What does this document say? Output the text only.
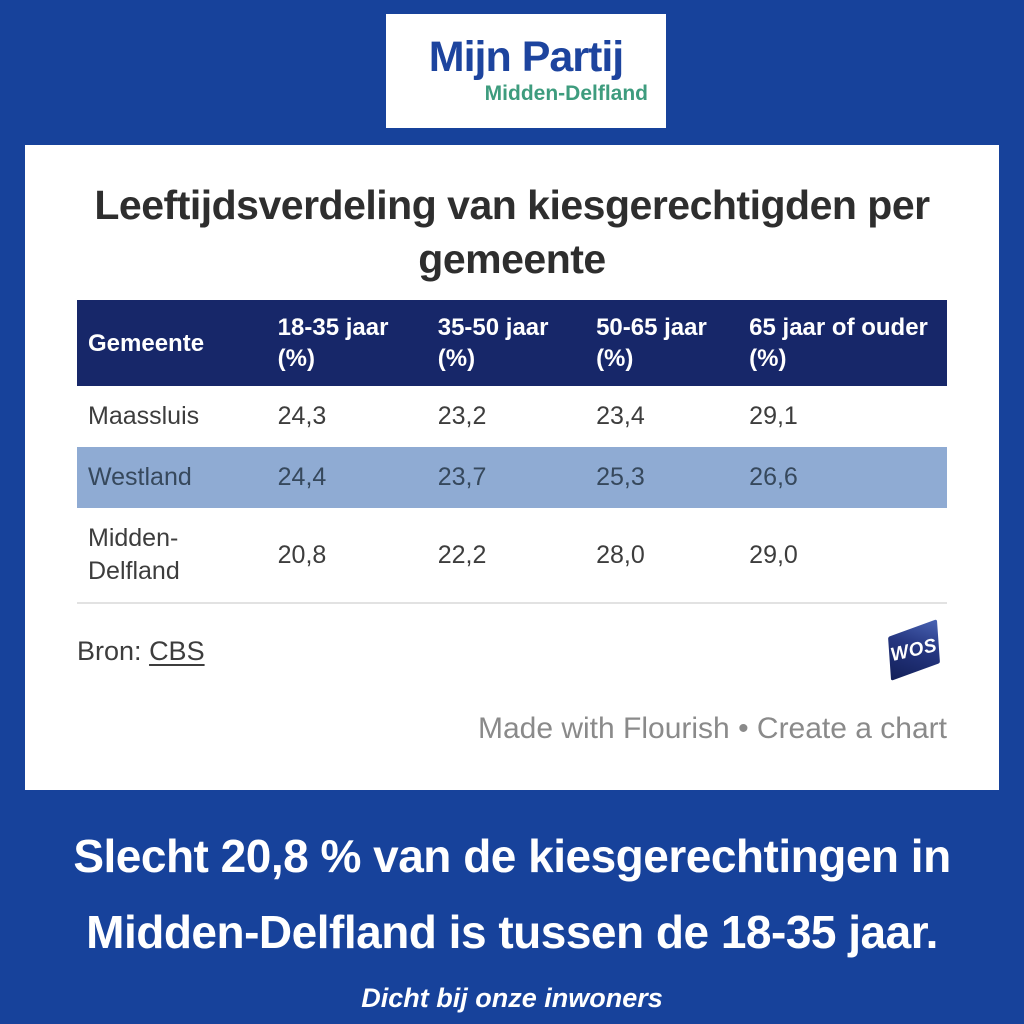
Mijn Partij
Midden-Delfland
Leeftijdsverdeling van kiesgerechtigden per
gemeente
Gemeente	18-35 jaar (%)	35-50 jaar (%)	50-65 jaar (%)	65 jaar of ouder (%)
Maassluis	24,3	23,2	23,4	29,1
Westland	24,4	23,7	25,3	26,6
Midden-Delfland	20,8	22,2	28,0	29,0
Bron: CBS	WOS
Made with Flourish • Create a chart
Slecht 20,8 % van de kiesgerechtingen in
Midden-Delfland is tussen de 18-35 jaar.
Dicht bij onze inwoners
